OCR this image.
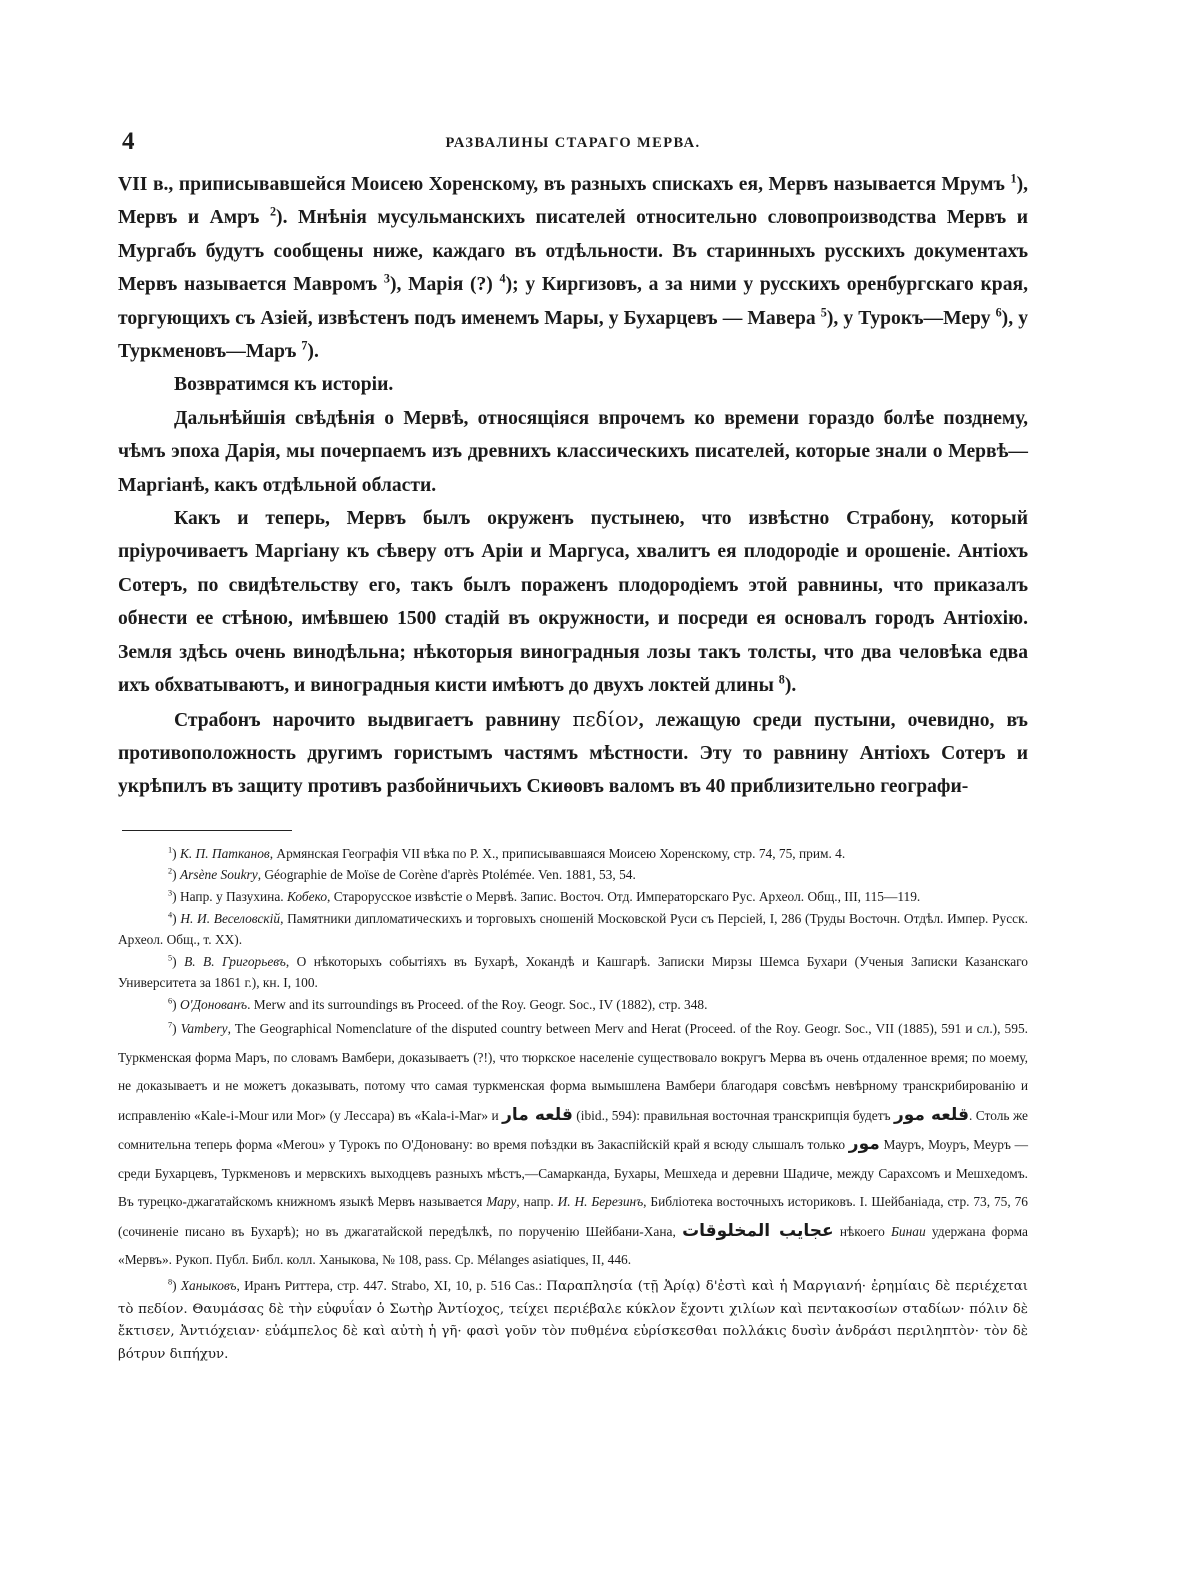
4	РАЗВАЛИНЫ СТАРАГО МЕРВА.

VII в., приписывавшейся Моисею Хоренскому, въ разныхъ спискахъ ея, Мервъ называется Мрумъ $^1$), Мервъ и Амръ $^2$). Мнѣнія мусульманскихъ писателей относительно словопроизводства Мервъ и Мургабъ будутъ сообщены ниже, каждаго въ отдѣльности. Въ старинныхъ русскихъ документахъ Мервъ называется Мавромъ $^3$), Марія (?) $^4$); у Киргизовъ, а за ними у русскихъ оренбургскаго края, торгующихъ съ Азіей, извѣстенъ подъ именемъ Мары, у Бухарцевъ — Мавера $^5$), у Турокъ—Меру $^6$), у Туркменовъ—Маръ $^7$).

Возвратимся къ исторіи.

Дальнѣйшія свѣдѣнія о Мервѣ, относящіяся впрочемъ ко времени гораздо болѣе позднему, чѣмъ эпоха Дарія, мы почерпаемъ изъ древнихъ классическихъ писателей, которые знали о Мервѣ—Маргіанѣ, какъ отдѣльной области.

Какъ и теперь, Мервъ былъ окруженъ пустынею, что извѣстно Страбону, который пріурочиваетъ Маргіану къ сѣверу отъ Аріи и Маргуса, хвалитъ ея плодородіе и орошеніе. Антіохъ Сотеръ, по свидѣтельству его, такъ былъ пораженъ плодородіемъ этой равнины, что приказалъ обнести ее стѣною, имѣвшею 1500 стадій въ окружности, и посреди ея основалъ городъ Антіохію. Земля здѣсь очень винодѣльна; нѣкоторыя виноградныя лозы такъ толсты, что два человѣка едва ихъ обхватываютъ, и виноградныя кисти имѣютъ до двухъ локтей длины $^8$).

Страбонъ нарочито выдвигаетъ равнину πεδίον, лежащую среди пустыни, очевидно, въ противоположность другимъ гористымъ частямъ мѣстности. Эту то равнину Антіохъ Сотеръ и укрѣпилъ въ защиту противъ разбойничьихъ Скиѳовъ валомъ въ 40 приблизительно географи-

$^1$) К. П. Патканов, Армянская Географія VII вѣка по Р. Х., приписывавшаяся Моисею Хоренскому, стр. 74, 75, прим. 4.

$^2$) Arsène Soukry, Géographie de Moïse de Corène d'après Ptolémée. Ven. 1881, 53, 54.

$^3$) Напр. у Пазухина. Кобеко, Старорусское извѣстіе о Мервѣ. Запис. Восточ. Отд. Императорскаго Рус. Археол. Общ., III, 115—119.

$^4$) Н. И. Веселовскій, Памятники дипломатическихъ и торговыхъ сношеній Московской Руси съ Персіей, I, 286 (Труды Восточн. Отдѣл. Импер. Русск. Археол. Общ., т. XX).

$^5$) В. В. Григорьевъ, О нѣкоторыхъ событіяхъ въ Бухарѣ, Хокандѣ и Кашгарѣ. Записки Мирзы Шемса Бухари (Ученыя Записки Казанскаго Университета за 1861 г.), кн. I, 100.

$^6$) О'Донованъ. Merw and its surroundings въ Proceed. of the Roy. Geogr. Soc., IV (1882), стр. 348.

$^7$) Vambery, The Geographical Nomenclature of the disputed country between Merv and Herat (Proceed. of the Roy. Geogr. Soc., VII (1885), 591 и сл.), 595. Туркменская форма Маръ, по словамъ Вамбери, доказываетъ (?!), что тюркское населеніе существовало вокругъ Мерва въ очень отдаленное время; по моему, не доказываетъ и не можетъ доказывать, потому что самая туркменская форма вымышлена Вамбери благодаря совсѣмъ невѣрному транскрибированію и исправленію «Kale-i-Mour или Mor» (у Лессара) въ «Kala-i-Mar» и قلعه مار (ibid., 594): правильная восточная транскрипція будетъ قلعه مور. Столь же сомнительна теперь форма «Merou» у Турокъ по О'Доновану: во время поѣздки въ Закаспійскій край я всюду слышалъ только مور Мауръ, Моуръ, Меуръ — среди Бухарцевъ, Туркменовъ и мервскихъ выходцевъ разныхъ мѣстъ,—Самарканда, Бухары, Мешхеда и деревни Шадиче, между Сарахсомъ и Мешхедомъ. Въ турецко-джагатайскомъ книжномъ языкѣ Мервъ называется Мару, напр. И. Н. Березинъ, Библіотека восточныхъ историковъ. I. Шейбаніада, стр. 73, 75, 76 (сочиненіе писано въ Бухарѣ); но въ джагатайской передѣлкѣ, по порученію Шейбани-Хана, عجايب المخلوقات нѣкоего Бинаи удержана форма «Мервъ». Рукоп. Публ. Библ. колл. Ханыкова, № 108, pass. Ср. Mélanges asiatiques, II, 446.

$^8$) Ханыковъ, Иранъ Риттера, стр. 447. Strabo, XI, 10, p. 516 Cas.: Παραπλησία (τῇ Ἀρίᾳ) δ'ἐστὶ καὶ ἡ Μαργιανή· ἐρημίαις δὲ περιέχεται τὸ πεδίον. Θαυμάσας δὲ τὴν εὐφυΐαν ὁ Σωτὴρ Ἀντίοχος, τείχει περιέβαλε κύκλον ἔχοντι χιλίων καὶ πεντακοσίων σταδίων· πόλιν δὲ ἔκτισεν, Ἀντιόχειαν· εὐάμπελος δὲ καὶ αὐτὴ ἡ γῆ· φασὶ γοῦν τὸν πυθμένα εὑρίσκεσθαι πολλάκις δυσὶν ἀνδράσι περιληπτὸν· τὸν δὲ βότρυν διπήχυν.
